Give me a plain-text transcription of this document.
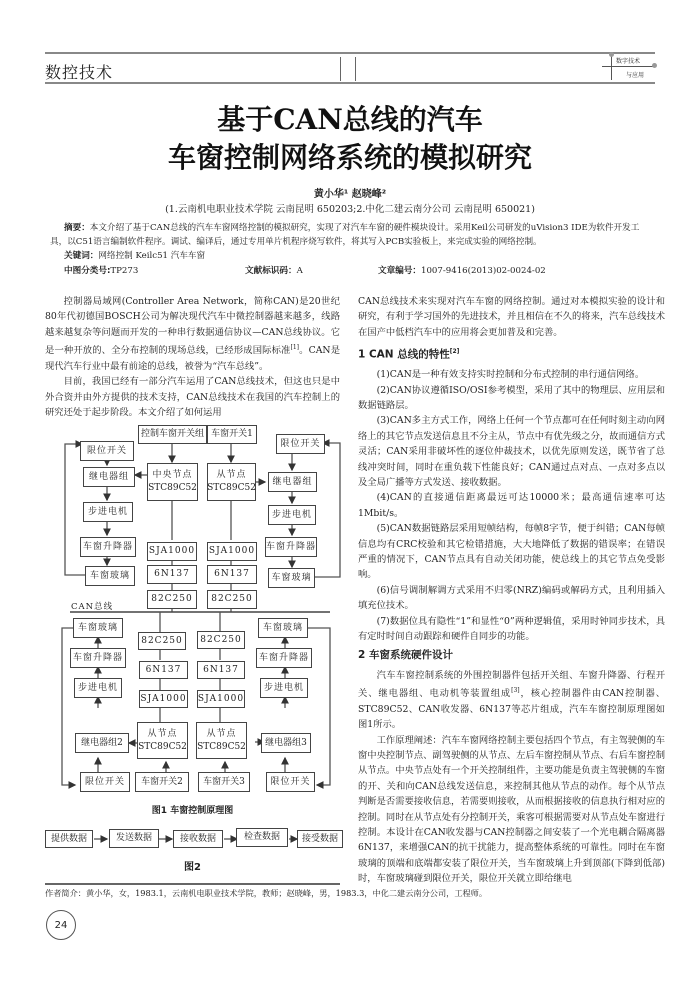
数控技术
数字技术
与应用
基于CAN总线的汽车
车窗控制网络系统的模拟研究
黄小华¹ 赵晓峰²
(1.云南机电职业技术学院 云南昆明 650203;2.中化二建云南分公司 云南昆明 650021)
摘要：本文介绍了基于CAN总线的汽车车窗网络控制的模拟研究，实现了对汽车车窗的硬件模块设计。采用Keil公司研发的uVision3 IDE为软件开发工具，以C51语言编制软件程序。调试、编译后，通过专用单片机程序烧写软件，将其写入PCB实验板上，来完成实验的网络控制。
关键词：网络控制 Keilc51 汽车车窗
中图分类号:TP273	文献标识码：A	文章编号：1007-9416(2013)02-0024-02

控制器局域网(Controller Area Network，简称CAN)是20世纪80年代初德国BOSCH公司为解决现代汽车中微控制器越来越多，线路越来越复杂等问题而开发的一种串行数据通信协议—CAN总线协议。它是一种开放的、全分布控制的现场总线，已经形成国际标准[1]。CAN是现代汽车行业中最有前途的总线，被誉为“汽车总线”。

目前，我国已经有一部分汽车运用了CAN总线技术，但这也只是中外合资并由外方提供的技术支持，CAN总线技术在我国的汽车控制上的研究还处于起步阶段。本文介绍了如何运用

限位开关
继电器组
步进电机
车窗升降器
车窗玻璃
控制车窗开关组
中央节点
STC89C52
SJA1000
6N137
82C250
车窗开关1
从节点
STC89C52
SJA1000
6N137
82C250
限位开关
继电器组
步进电机
车窗升降器
车窗玻璃
CAN总线
车窗玻璃
车窗升降器
步进电机
继电器组2
限位开关
82C250
6N137
SJA1000
从节点
STC89C52
车窗开关2
82C250
6N137
SJA1000
从节点
STC89C52
车窗开关3
车窗玻璃
车窗升降器
步进电机
继电器组3
限位开关
图1 车窗控制原理图
提供数据	发送数据	接收数据	检查数据	接受数据
图2

CAN总线技术来实现对汽车车窗的网络控制。通过对本模拟实验的设计和研究，有利于学习国外的先进技术，并且相信在不久的将来，汽车总线技术在国产中低档汽车中的应用将会更加普及和完善。

1 CAN 总线的特性[2]

(1)CAN是一种有效支持实时控制和分布式控制的串行通信网络。

(2)CAN协议遵循ISO/OSI参考模型，采用了其中的物理层、应用层和数据链路层。

(3)CAN多主方式工作，网络上任何一个节点都可在任何时刻主动向网络上的其它节点发送信息且不分主从，节点中有优先级之分，故而通信方式灵活；CAN采用非破坏性的逐位仲裁技术，以优先原则发送，既节省了总线冲突时间，同时在重负载下性能良好；CAN通过点对点、一点对多点以及全局广播等方式发送、接收数据。

(4)CAN的直接通信距离最远可达10000米；最高通信速率可达1Mbit/s。

(5)CAN数据链路层采用短帧结构，每帧8字节，便于纠错；CAN每帧信息均有CRC校验和其它检错措施，大大地降低了数据的错误率；在错误严重的情况下，CAN节点具有自动关闭功能，使总线上的其它节点免受影响。

(6)信号调制解调方式采用不归零(NRZ)编码或解码方式，且利用插入填充位技术。

(7)数据位具有隐性“1”和显性“0”两种逻辑值，采用时钟同步技术，具有定时时间自动跟踪和硬件自同步的功能。

2 车窗系统硬件设计

汽车车窗控制系统的外围控制器件包括开关组、车窗升降器、行程开关、继电器组、电动机等装置组成[3]，核心控制器件由CAN控制器、STC89C52、CAN收发器、6N137等芯片组成，汽车车窗控制原理图如图1所示。

工作原理阐述：汽车车窗网络控制主要包括四个节点，有主驾驶侧的车窗中央控制节点、副驾驶侧的从节点、左后车窗控制从节点、右后车窗控制从节点。中央节点处有一个开关控制组件，主要功能是负责主驾驶侧的车窗的开、关和向CAN总线发送信息，来控制其他从节点的动作。每个从节点判断是否需要接收信息，若需要则接收，从而根据接收的信息执行相对应的控制。同时在从节点处有分控制开关，乘客可根据需要对从节点处车窗进行控制。本设计在CAN收发器与CAN控制器之间安装了一个光电耦合隔离器6N137，来增强CAN的抗干扰能力，提高整体系统的可靠性。同时在车窗玻璃的顶端和底端都安装了限位开关，当车窗玻璃上升到顶部(下降到低部)时，车窗玻璃碰到限位开关，限位开关就立即给继电

作者简介：黄小华，女，1983.1，云南机电职业技术学院，教师；赵晓峰，男，1983.3，中化二建云南分公司，工程师。
24
